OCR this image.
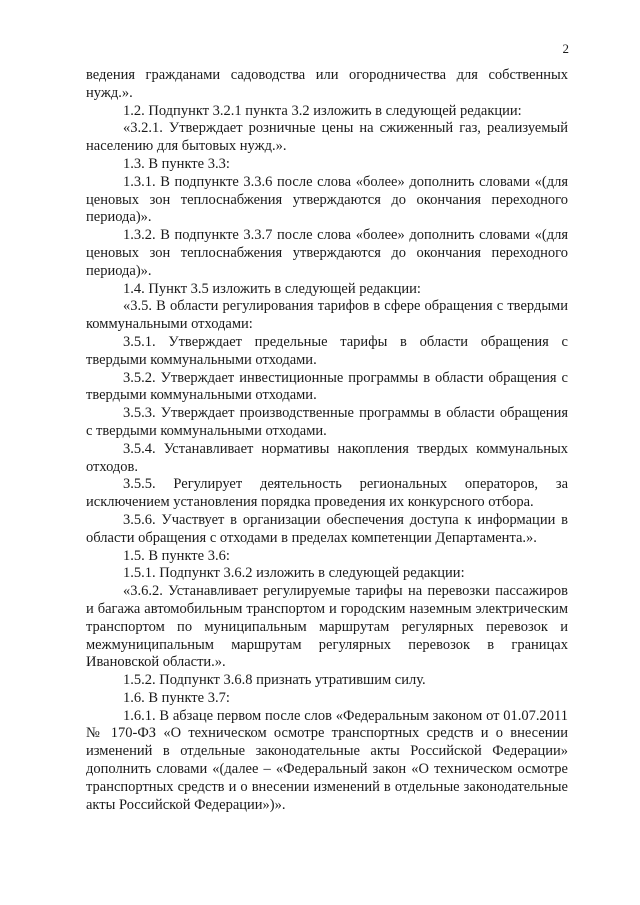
2

ведения гражданами садоводства или огородничества для собственных нужд.».

1.2. Подпункт 3.2.1 пункта 3.2 изложить в следующей редакции:

«3.2.1. Утверждает розничные цены на сжиженный газ, реализуемый населению для бытовых нужд.».

1.3. В пункте 3.3:

1.3.1. В подпункте 3.3.6 после слова «более» дополнить словами «(для ценовых зон теплоснабжения утверждаются до окончания переходного периода)».

1.3.2. В подпункте 3.3.7 после слова «более» дополнить словами «(для ценовых зон теплоснабжения утверждаются до окончания переходного периода)».

1.4. Пункт 3.5 изложить в следующей редакции:

«3.5. В области регулирования тарифов в сфере обращения с твердыми коммунальными отходами:

3.5.1. Утверждает предельные тарифы в области обращения с твердыми коммунальными отходами.

3.5.2. Утверждает инвестиционные программы в области обращения с твердыми коммунальными отходами.

3.5.3. Утверждает производственные программы в области обращения с твердыми коммунальными отходами.

3.5.4. Устанавливает нормативы накопления твердых коммунальных отходов.

3.5.5. Регулирует деятельность региональных операторов, за исключением установления порядка проведения их конкурсного отбора.

3.5.6. Участвует в организации обеспечения доступа к информации в области обращения с отходами в пределах компетенции Департамента.».

1.5. В пункте 3.6:

1.5.1. Подпункт 3.6.2 изложить в следующей редакции:

«3.6.2. Устанавливает регулируемые тарифы на перевозки пассажиров и багажа автомобильным транспортом и городским наземным электрическим транспортом по муниципальным маршрутам регулярных перевозок и межмуниципальным маршрутам регулярных перевозок в границах Ивановской области.».

1.5.2. Подпункт 3.6.8 признать утратившим силу.

1.6. В пункте 3.7:

1.6.1. В абзаце первом после слов «Федеральным законом от 01.07.2011 № 170-ФЗ «О техническом осмотре транспортных средств и о внесении изменений в отдельные законодательные акты Российской Федерации» дополнить словами «(далее – «Федеральный закон «О техническом осмотре транспортных средств и о внесении изменений в отдельные законодательные акты Российской Федерации»)».
